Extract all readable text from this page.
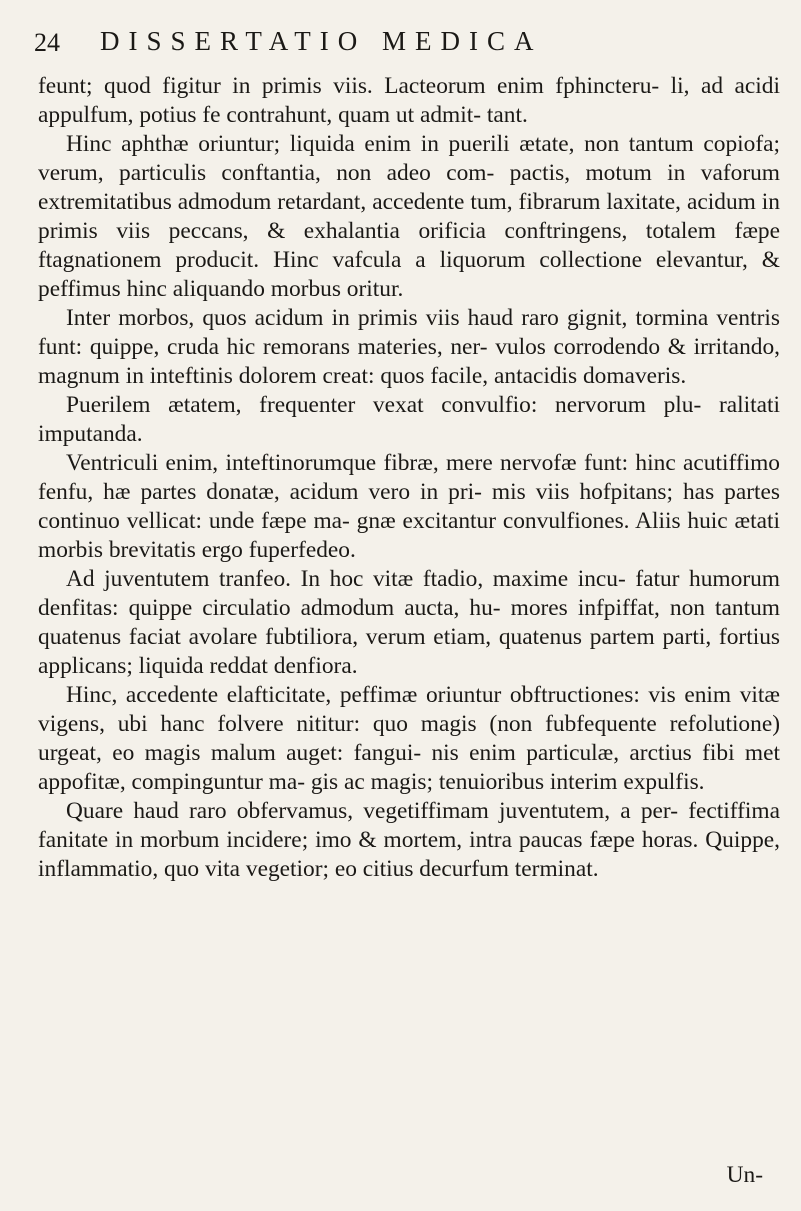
24 DISSERTATIO MEDICA

feunt; quod figitur in primis viis. Lacteorum enim fphincteru- li, ad acidi appulfum, potius fe contrahunt, quam ut admit- tant.

Hinc aphthæ oriuntur; liquida enim in puerili ætate, non tantum copiofa; verum, particulis conftantia, non adeo com- pactis, motum in vaforum extremitatibus admodum retardant, accedente tum, fibrarum laxitate, acidum in primis viis peccans, & exhalantia orificia conftringens, totalem fæpe ftagnationem producit. Hinc vafcula a liquorum collectione elevantur, & peffimus hinc aliquando morbus oritur.

Inter morbos, quos acidum in primis viis haud raro gignit, tormina ventris funt: quippe, cruda hic remorans materies, ner- vulos corrodendo & irritando, magnum in inteftinis dolorem creat: quos facile, antacidis domaveris.

Puerilem ætatem, frequenter vexat convulfio: nervorum plu- ralitati imputanda.

Ventriculi enim, inteftinorumque fibræ, mere nervofæ funt: hinc acutiffimo fenfu, hæ partes donatæ, acidum vero in pri- mis viis hofpitans; has partes continuo vellicat: unde fæpe ma- gnæ excitantur convulfiones. Aliis huic ætati morbis brevitatis ergo fuperfedeo.

Ad juventutem tranfeo. In hoc vitæ ftadio, maxime incu- fatur humorum denfitas: quippe circulatio admodum aucta, hu- mores infpiffat, non tantum quatenus faciat avolare fubtiliora, verum etiam, quatenus partem parti, fortius applicans; liquida reddat denfiora.

Hinc, accedente elafticitate, peffimæ oriuntur obftructiones: vis enim vitæ vigens, ubi hanc folvere nititur: quo magis (non fubfequente refolutione) urgeat, eo magis malum auget: fangui- nis enim particulæ, arctius fibi met appofitæ, compinguntur ma- gis ac magis; tenuioribus interim expulfis.

Quare haud raro obfervamus, vegetiffimam juventutem, a per- fectiffima fanitate in morbum incidere; imo & mortem, intra paucas fæpe horas. Quippe, inflammatio, quo vita vegetior; eo citius decurfum terminat.

Un-
